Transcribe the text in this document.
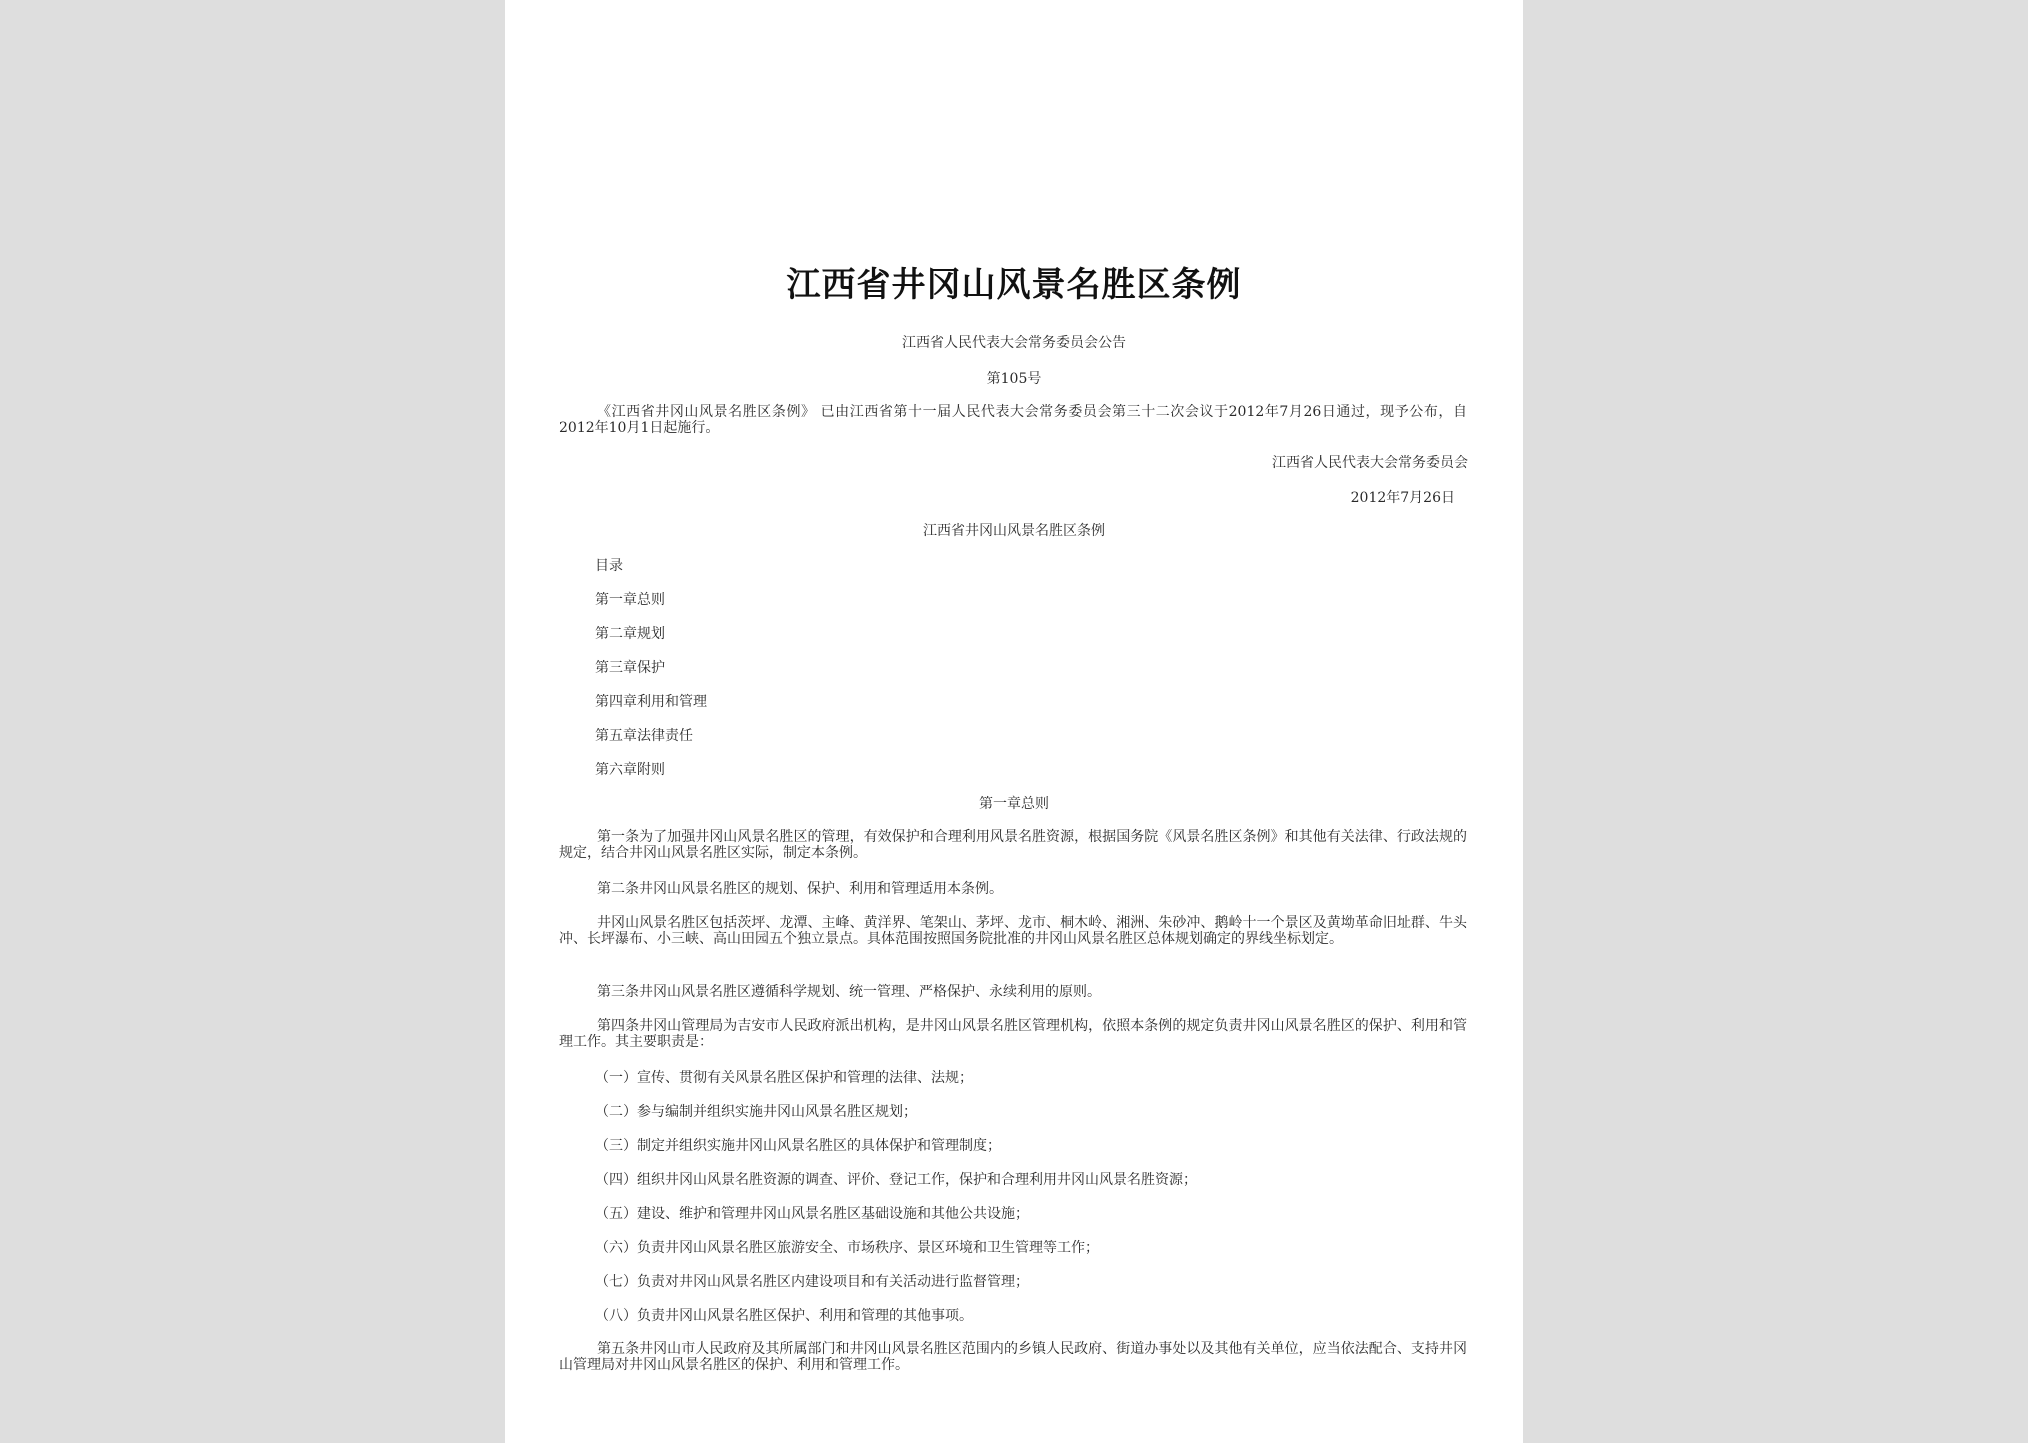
江西省井冈山风景名胜区条例

江西省人民代表大会常务委员会公告

第105号

《江西省井冈山风景名胜区条例》 已由江西省第十一届人民代表大会常务委员会第三十二次会议于2012年7月26日通过，现予公布，自2012年10月1日起施行。

江西省人民代表大会常务委员会

2012年7月26日

江西省井冈山风景名胜区条例

目录

第一章总则

第二章规划

第三章保护

第四章利用和管理

第五章法律责任

第六章附则

第一章总则

第一条为了加强井冈山风景名胜区的管理，有效保护和合理利用风景名胜资源，根据国务院《风景名胜区条例》和其他有关法律、行政法规的规定，结合井冈山风景名胜区实际，制定本条例。

第二条井冈山风景名胜区的规划、保护、利用和管理适用本条例。

井冈山风景名胜区包括茨坪、龙潭、主峰、黄洋界、笔架山、茅坪、龙市、桐木岭、湘洲、朱砂冲、鹅岭十一个景区及黄坳革命旧址群、牛头冲、长坪瀑布、小三峡、高山田园五个独立景点。具体范围按照国务院批准的井冈山风景名胜区总体规划确定的界线坐标划定。

第三条井冈山风景名胜区遵循科学规划、统一管理、严格保护、永续利用的原则。

第四条井冈山管理局为吉安市人民政府派出机构，是井冈山风景名胜区管理机构，依照本条例的规定负责井冈山风景名胜区的保护、利用和管理工作。其主要职责是：

（一）宣传、贯彻有关风景名胜区保护和管理的法律、法规；

（二）参与编制并组织实施井冈山风景名胜区规划；

（三）制定并组织实施井冈山风景名胜区的具体保护和管理制度；

（四）组织井冈山风景名胜资源的调查、评价、登记工作，保护和合理利用井冈山风景名胜资源；

（五）建设、维护和管理井冈山风景名胜区基础设施和其他公共设施；

（六）负责井冈山风景名胜区旅游安全、市场秩序、景区环境和卫生管理等工作；

（七）负责对井冈山风景名胜区内建设项目和有关活动进行监督管理；

（八）负责井冈山风景名胜区保护、利用和管理的其他事项。

第五条井冈山市人民政府及其所属部门和井冈山风景名胜区范围内的乡镇人民政府、街道办事处以及其他有关单位，应当依法配合、支持井冈山管理局对井冈山风景名胜区的保护、利用和管理工作。
